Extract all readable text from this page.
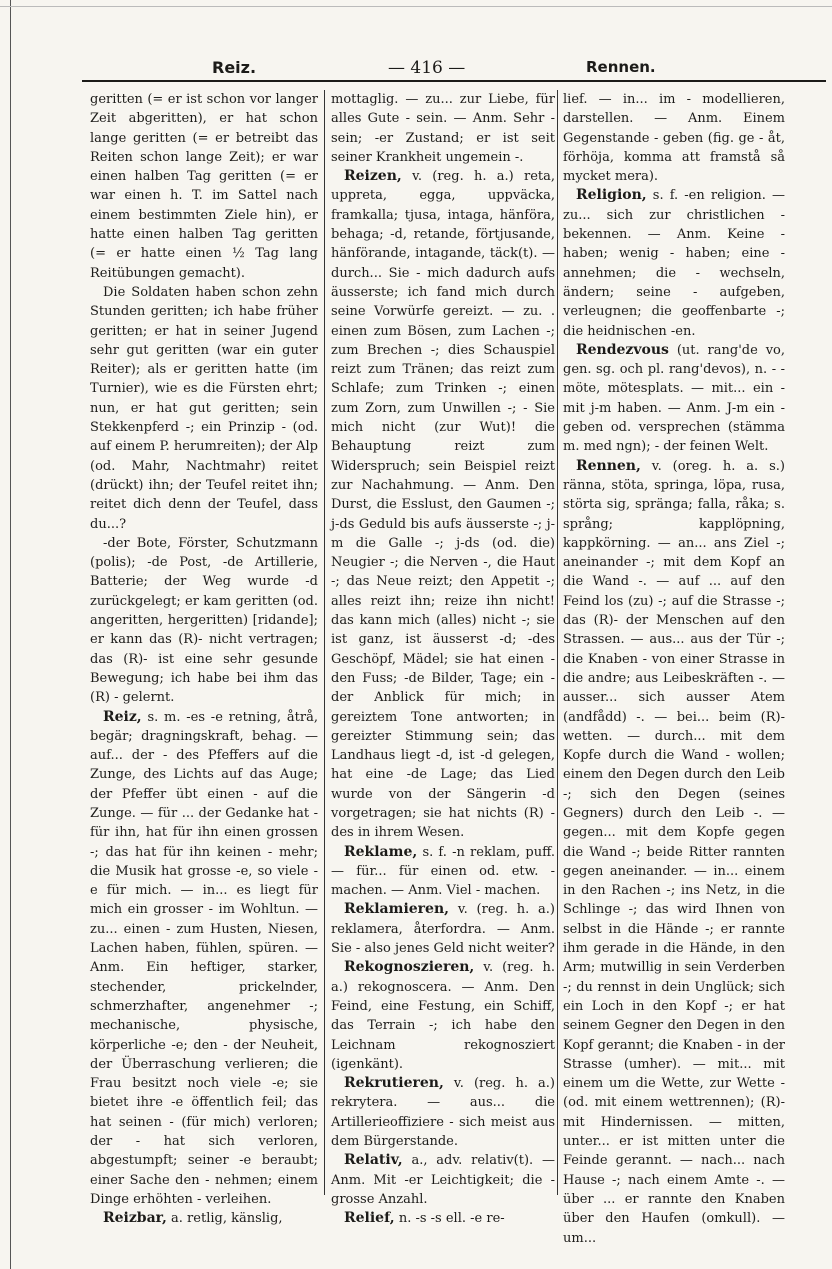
Reiz.	— 416 —	Rennen.

geritten (= er ist schon vor langer Zeit abgeritten), er hat schon lange geritten (= er betreibt das Reiten schon lange Zeit); er war einen halben Tag geritten (= er war einen h. T. im Sattel nach einem bestimmten Ziele hin), er hatte einen halben Tag geritten (= er hatte einen ½ Tag lang Reitübungen gemacht).

Die Soldaten haben schon zehn Stunden geritten; ich habe früher geritten; er hat in seiner Jugend sehr gut geritten (war ein guter Reiter); als er geritten hatte (im Turnier), wie es die Fürsten ehrt; nun, er hat gut geritten; sein Stekkenpferd -; ein Prinzip - (od. auf einem P. herumreiten); der Alp (od. Mahr, Nachtmahr) reitet (drückt) ihn; der Teufel reitet ihn; reitet dich denn der Teufel, dass du...?

-der Bote, Förster, Schutzmann (polis); -de Post, -de Artillerie, Batterie; der Weg wurde -d zurückgelegt; er kam geritten (od. angeritten, hergeritten) [ridande]; er kann das (R)- nicht vertragen; das (R)- ist eine sehr gesunde Bewegung; ich habe bei ihm das (R) - gelernt.

Reiz, s. m. -es -e retning, åtrå, begär; dragningskraft, behag. — auf... der - des Pfeffers auf die Zunge, des Lichts auf das Auge; der Pfeffer übt einen - auf die Zunge. — für ... der Gedanke hat - für ihn, hat für ihn einen grossen -; das hat für ihn keinen - mehr; die Musik hat grosse -e, so viele -e für mich. — in... es liegt für mich ein grosser - im Wohltun. — zu... einen - zum Husten, Niesen, Lachen haben, fühlen, spüren. — Anm. Ein heftiger, starker, stechender, prickelnder, schmerzhafter, angenehmer -; mechanische, physische, körperliche -e; den - der Neuheit, der Überraschung verlieren; die Frau besitzt noch viele -e; sie bietet ihre -e öffentlich feil; das hat seinen - (für mich) verloren; der - hat sich verloren, abgestumpft; seiner -e beraubt; einer Sache den - nehmen; einem Dinge erhöhten - verleihen.

Reizbar, a. retlig, känslig,

mottaglig. — zu... zur Liebe, für alles Gute - sein. — Anm. Sehr - sein; -er Zustand; er ist seit seiner Krankheit ungemein -.

Reizen, v. (reg. h. a.) reta, uppreta, egga, uppväcka, framkalla; tjusa, intaga, hänföra, behaga; -d, retande, förtjusande, hänförande, intagande, täck(t). — durch... Sie - mich dadurch aufs äusserste; ich fand mich durch seine Vorwürfe gereizt. — zu. . einen zum Bösen, zum Lachen -; zum Brechen -; dies Schauspiel reizt zum Tränen; das reizt zum Schlafe; zum Trinken -; einen zum Zorn, zum Unwillen -; - Sie mich nicht (zur Wut)! die Behauptung reizt zum Widerspruch; sein Beispiel reizt zur Nachahmung. — Anm. Den Durst, die Esslust, den Gaumen -; j-ds Geduld bis aufs äusserste -; j-m die Galle -; j-ds (od. die) Neugier -; die Nerven -, die Haut -; das Neue reizt; den Appetit -; alles reizt ihn; reize ihn nicht! das kann mich (alles) nicht -; sie ist ganz, ist äusserst -d; -des Geschöpf, Mädel; sie hat einen -den Fuss; -de Bilder, Tage; ein -der Anblick für mich; in gereiztem Tone antworten; in gereizter Stimmung sein; das Landhaus liegt -d, ist -d gelegen, hat eine -de Lage; das Lied wurde von der Sängerin -d vorgetragen; sie hat nichts (R) -des in ihrem Wesen.

Reklame, s. f. -n reklam, puff. — für... für einen od. etw. - machen. — Anm. Viel - machen.

Reklamieren, v. (reg. h. a.) reklamera, återfordra. — Anm. Sie - also jenes Geld nicht weiter?

Rekognoszieren, v. (reg. h. a.) rekognoscera. — Anm. Den Feind, eine Festung, ein Schiff, das Terrain -; ich habe den Leichnam rekognosziert (igenkänt).

Rekrutieren, v. (reg. h. a.) rekrytera. — aus... die Artillerieoffiziere - sich meist aus dem Bürgerstande.

Relativ, a., adv. relativ(t). — Anm. Mit -er Leichtigkeit; die - grosse Anzahl.

Relief, n. -s -s ell. -e re-

lief. — in... im - modellieren, darstellen. — Anm. Einem Gegenstande - geben (fig. ge - åt, förhöja, komma att framstå så mycket mera).

Religion, s. f. -en religion. — zu... sich zur christlichen - bekennen. — Anm. Keine - haben; wenig - haben; eine - annehmen; die - wechseln, ändern; seine - aufgeben, verleugnen; die geoffenbarte -; die heidnischen -en.

Rendezvous (ut. rang'de vo, gen. sg. och pl. rang'devos), n. - - möte, mötesplats. — mit... ein - mit j-m haben. — Anm. J-m ein - geben od. versprechen (stämma m. med ngn); - der feinen Welt.

Rennen, v. (oreg. h. a. s.) ränna, stöta, springa, löpa, rusa, störta sig, spränga; falla, råka; s. språng; kapplöpning, kappkörning. — an... ans Ziel -; aneinander -; mit dem Kopf an die Wand -. — auf ... auf den Feind los (zu) -; auf die Strasse -; das (R)- der Menschen auf den Strassen. — aus... aus der Tür -; die Knaben - von einer Strasse in die andre; aus Leibeskräften -. — ausser... sich ausser Atem (andfådd) -. — bei... beim (R)- wetten. — durch... mit dem Kopfe durch die Wand - wollen; einem den Degen durch den Leib -; sich den Degen (seines Gegners) durch den Leib -. — gegen... mit dem Kopfe gegen die Wand -; beide Ritter rannten gegen aneinander. — in... einem in den Rachen -; ins Netz, in die Schlinge -; das wird Ihnen von selbst in die Hände -; er rannte ihm gerade in die Hände, in den Arm; mutwillig in sein Verderben -; du rennst in dein Unglück; sich ein Loch in den Kopf -; er hat seinem Gegner den Degen in den Kopf gerannt; die Knaben - in der Strasse (umher). — mit... mit einem um die Wette, zur Wette - (od. mit einem wettrennen); (R)- mit Hindernissen. — mitten, unter... er ist mitten unter die Feinde gerannt. — nach... nach Hause -; nach einem Amte -. — über ... er rannte den Knaben über den Haufen (omkull). — um...
